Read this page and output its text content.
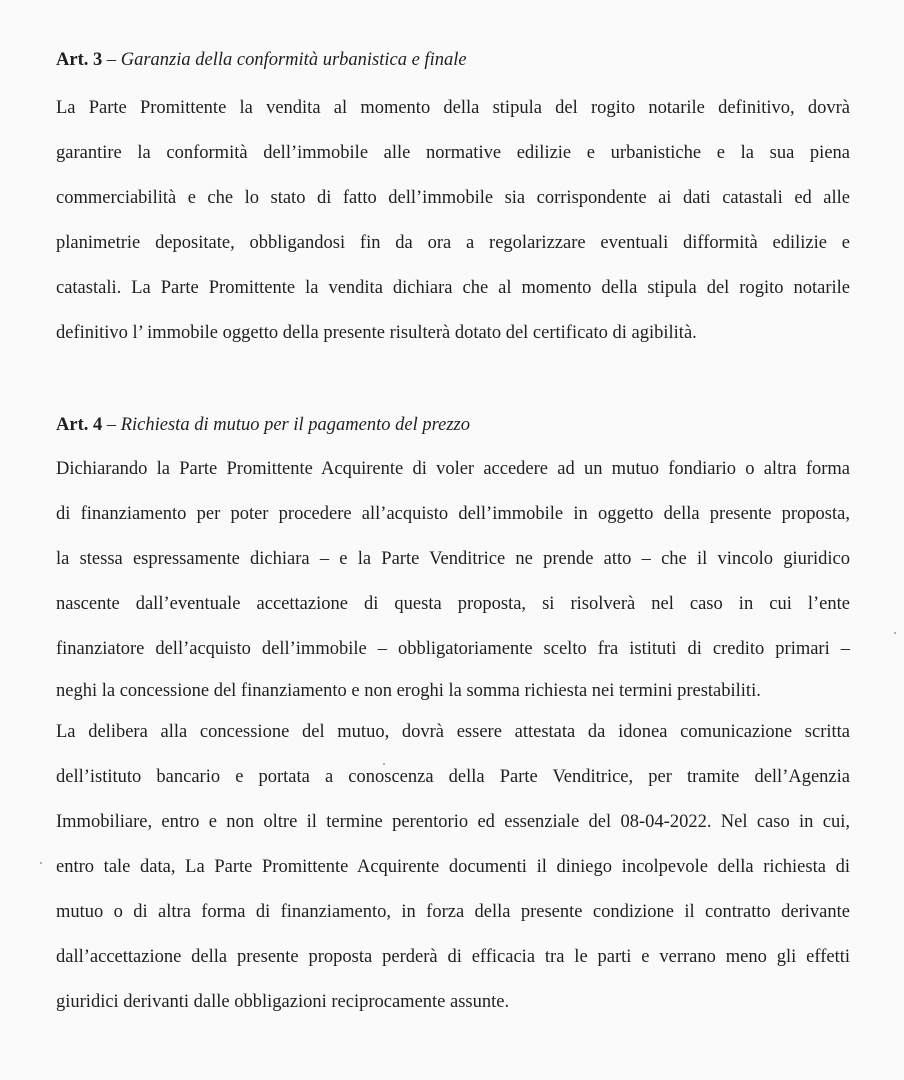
Art. 3 – Garanzia della conformità urbanistica e finale
La Parte Promittente la vendita al momento della stipula del rogito notarile definitivo, dovrà
garantire la conformità dell’immobile alle normative edilizie e urbanistiche e la sua piena
commerciabilità e che lo stato di fatto dell’immobile sia corrispondente ai dati catastali ed alle
planimetrie depositate, obbligandosi fin da ora a regolarizzare eventuali difformità edilizie e
catastali. La Parte Promittente la vendita dichiara che al momento della stipula del rogito notarile
definitivo l’ immobile oggetto della presente risulterà dotato del certificato di agibilità.
Art. 4 – Richiesta di mutuo per il pagamento del prezzo
Dichiarando la Parte Promittente Acquirente di voler accedere ad un mutuo fondiario o altra forma
di finanziamento per poter procedere all’acquisto dell’immobile in oggetto della presente proposta,
la stessa espressamente dichiara – e la Parte Venditrice ne prende atto – che il vincolo giuridico
nascente dall’eventuale accettazione di questa proposta, si risolverà nel caso in cui l’ente
finanziatore dell’acquisto dell’immobile – obbligatoriamente scelto fra istituti di credito primari –
neghi la concessione del finanziamento e non eroghi la somma richiesta nei termini prestabiliti.
La delibera alla concessione del mutuo, dovrà essere attestata da idonea comunicazione scritta
dell’istituto bancario e portata a conoscenza della Parte Venditrice, per tramite dell’Agenzia
Immobiliare, entro e non oltre il termine perentorio ed essenziale del 08-04-2022. Nel caso in cui,
entro tale data, La Parte Promittente Acquirente documenti il diniego incolpevole della richiesta di
mutuo o di altra forma di finanziamento, in forza della presente condizione il contratto derivante
dall’accettazione della presente proposta perderà di efficacia tra le parti e verrano meno gli effetti
giuridici derivanti dalle obbligazioni reciprocamente assunte.
